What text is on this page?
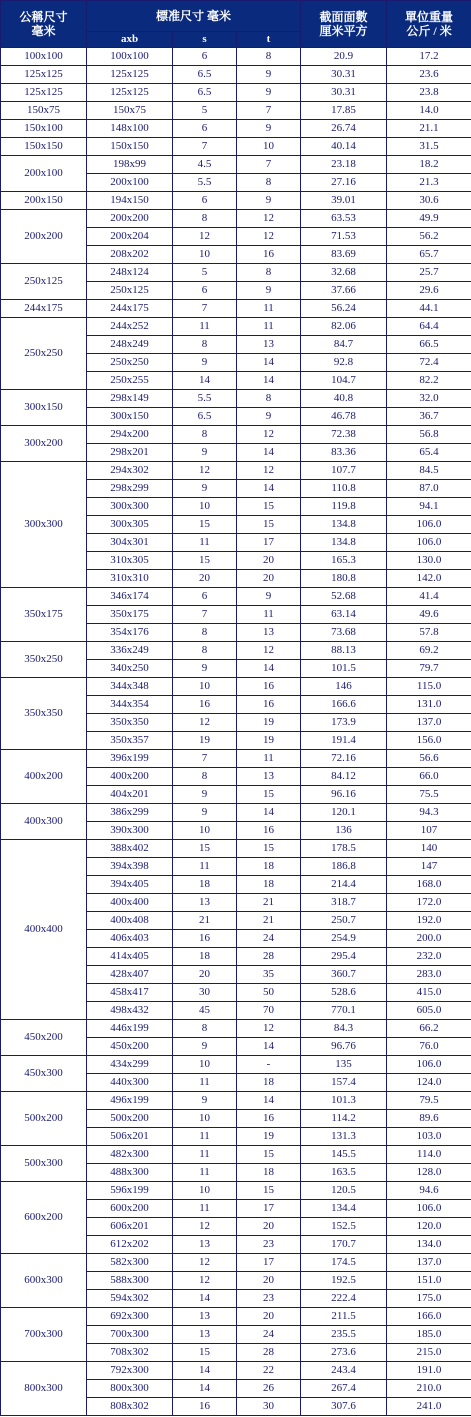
公稱尺寸
毫米	標准尺寸 毫米			截面面數
厘米平方	單位重量
公斤 / 米

	axb	s	t		
100x100	100x100	6	8	20.9	17.2
125x125	125x125	6.5	9	30.31	23.6
125x125	125x125	6.5	9	30.31	23.8
150x75	150x75	5	7	17.85	14.0
150x100	148x100	6	9	26.74	21.1
150x150	150x150	7	10	40.14	31.5
200x100	198x99	4.5	7	23.18	18.2
	200x100	5.5	8	27.16	21.3
200x150	194x150	6	9	39.01	30.6
200x200	200x200	8	12	63.53	49.9
	200x204	12	12	71.53	56.2
	208x202	10	16	83.69	65.7
250x125	248x124	5	8	32.68	25.7
	250x125	6	9	37.66	29.6
244x175	244x175	7	11	56.24	44.1
250x250	244x252	11	11	82.06	64.4
	248x249	8	13	84.7	66.5
	250x250	9	14	92.8	72.4
	250x255	14	14	104.7	82.2
300x150	298x149	5.5	8	40.8	32.0
	300x150	6.5	9	46.78	36.7
300x200	294x200	8	12	72.38	56.8
	298x201	9	14	83.36	65.4
300x300	294x302	12	12	107.7	84.5
	298x299	9	14	110.8	87.0
	300x300	10	15	119.8	94.1
	300x305	15	15	134.8	106.0
	304x301	11	17	134.8	106.0
	310x305	15	20	165.3	130.0
	310x310	20	20	180.8	142.0
350x175	346x174	6	9	52.68	41.4
	350x175	7	11	63.14	49.6
	354x176	8	13	73.68	57.8
350x250	336x249	8	12	88.13	69.2
	340x250	9	14	101.5	79.7
350x350	344x348	10	16	146	115.0
	344x354	16	16	166.6	131.0
	350x350	12	19	173.9	137.0
	350x357	19	19	191.4	156.0
400x200	396x199	7	11	72.16	56.6
	400x200	8	13	84.12	66.0
	404x201	9	15	96.16	75.5
400x300	386x299	9	14	120.1	94.3
	390x300	10	16	136	107
400x400	388x402	15	15	178.5	140
	394x398	11	18	186.8	147
	394x405	18	18	214.4	168.0
	400x400	13	21	318.7	172.0
	400x408	21	21	250.7	192.0
	406x403	16	24	254.9	200.0
	414x405	18	28	295.4	232.0
	428x407	20	35	360.7	283.0
	458x417	30	50	528.6	415.0
	498x432	45	70	770.1	605.0
450x200	446x199	8	12	84.3	66.2
	450x200	9	14	96.76	76.0
450x300	434x299	10	-	135	106.0
	440x300	11	18	157.4	124.0
500x200	496x199	9	14	101.3	79.5
	500x200	10	16	114.2	89.6
	506x201	11	19	131.3	103.0
500x300	482x300	11	15	145.5	114.0
	488x300	11	18	163.5	128.0
600x200	596x199	10	15	120.5	94.6
	600x200	11	17	134.4	106.0
	606x201	12	20	152.5	120.0
	612x202	13	23	170.7	134.0
600x300	582x300	12	17	174.5	137.0
	588x300	12	20	192.5	151.0
	594x302	14	23	222.4	175.0
700x300	692x300	13	20	211.5	166.0
	700x300	13	24	235.5	185.0
	708x302	15	28	273.6	215.0
800x300	792x300	14	22	243.4	191.0
	800x300	14	26	267.4	210.0
	808x302	16	30	307.6	241.0
